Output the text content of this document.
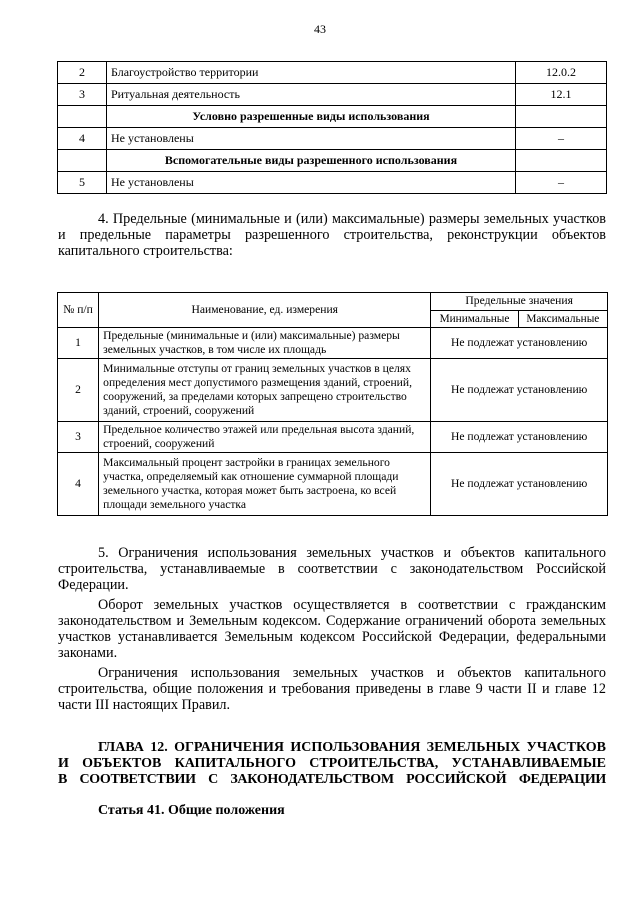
43
2	Благоустройство территории	12.0.2
3	Ритуальная деятельность	12.1
	Условно разрешенные виды использования	
4	Не установлены	–
	Вспомогательные виды разрешенного использования	
5	Не установлены	–

4. Предельные (минимальные и (или) максимальные) размеры земельных участков и предельные параметры разрешенного строительства, реконструкции объектов капитального строительства:

№ п/п	Наименование, ед. измерения	Предельные значения	
		Минимальные	Максимальные
1	Предельные (минимальные и (или) максимальные) размеры земельных участков, в том числе их площадь	Не подлежат установлению	
2	Минимальные отступы от границ земельных участков в целях определения мест допустимого размещения зданий, строений, сооружений, за пределами которых запрещено строительство зданий, строений, сооружений	Не подлежат установлению	
3	Предельное количество этажей или предельная высота зданий, строений, сооружений	Не подлежат установлению	
4	Максимальный процент застройки в границах земельного участка, определяемый как отношение суммарной площади земельного участка, которая может быть застроена, ко всей площади земельного участка	Не подлежат установлению	

5. Ограничения использования земельных участков и объектов капитального строительства, устанавливаемые в соответствии с законодательством Российской Федерации.

Оборот земельных участков осуществляется в соответствии с гражданским законодательством и Земельным кодексом. Содержание ограничений оборота земельных участков устанавливается Земельным кодексом Российской Федерации, федеральными законами.

Ограничения использования земельных участков и объектов капитального строительства, общие положения и требования приведены в главе 9 части II и главе 12 части III настоящих Правил.

ГЛАВА 12. ОГРАНИЧЕНИЯ ИСПОЛЬЗОВАНИЯ ЗЕМЕЛЬНЫХ УЧАСТКОВ
И ОБЪЕКТОВ КАПИТАЛЬНОГО СТРОИТЕЛЬСТВА, УСТАНАВЛИВАЕМЫЕ
В СООТВЕТСТВИИ С ЗАКОНОДАТЕЛЬСТВОМ РОССИЙСКОЙ ФЕДЕРАЦИИ

Статья 41. Общие положения
